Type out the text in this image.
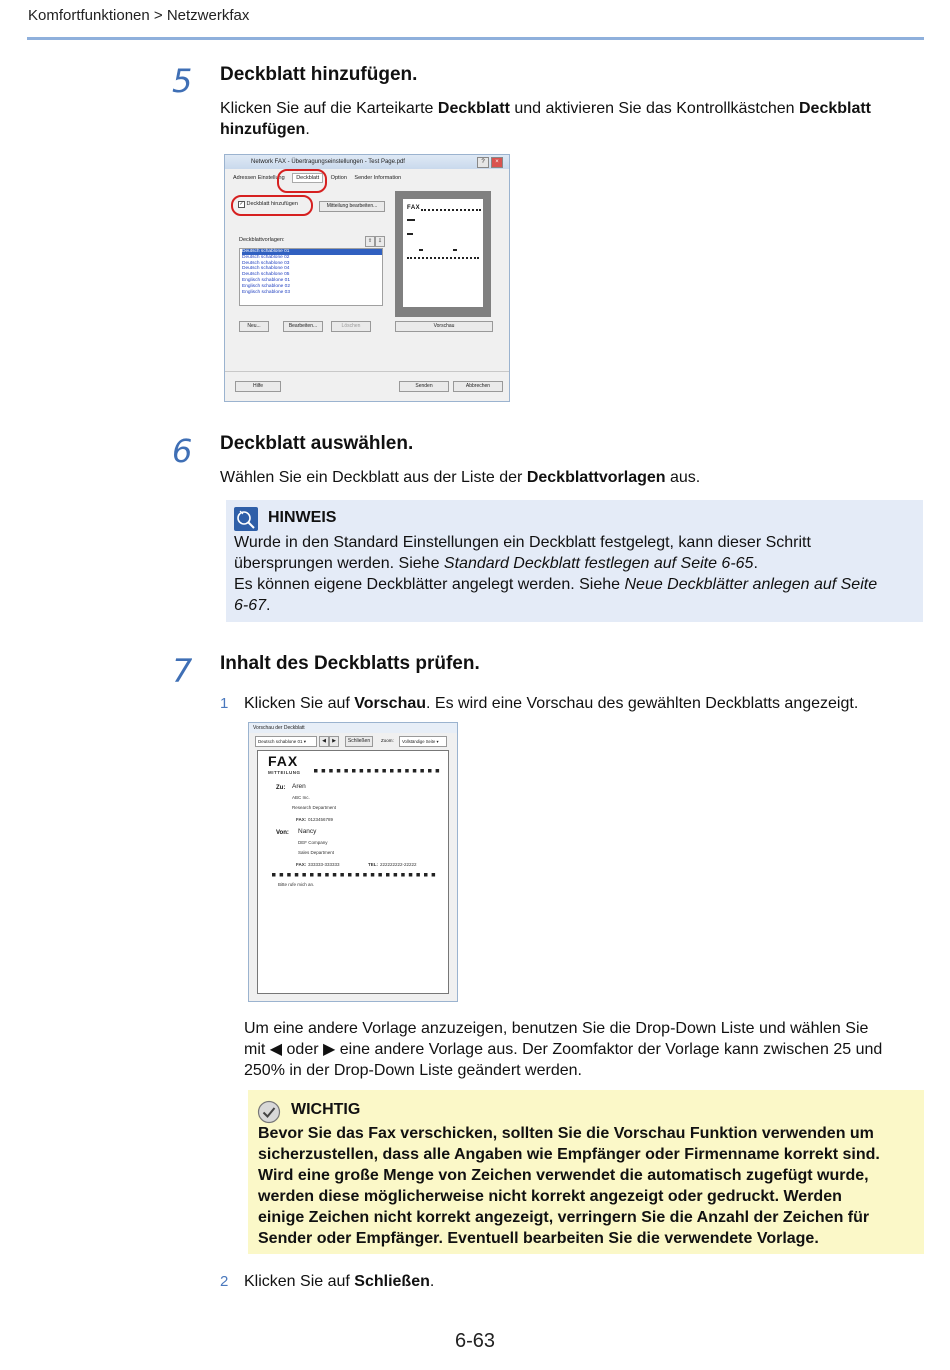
Komfortfunktionen > Netzwerkfax
5 Deckblatt hinzufügen.
Klicken Sie auf die Karteikarte Deckblatt und aktivieren Sie das Kontrollkästchen Deckblatt hinzufügen.
Network FAX - Übertragungseinstellungen - Test Page.pdf	?	×
Adressen Einstellung Deckblatt Option Sender Information
✓ Deckblatt hinzufügen	Mitteilung bearbeiten...
Deckblattvorlagen:	⇧	⇩
Deutsch schablone 01
Deutsch schablone 02
Deutsch schablone 03
Deutsch schablone 04
Deutsch schablone 05
Englisch schablone 01
Englisch schablone 02
Englisch schablone 03
FAX
Neu...	Bearbeiten...	Löschen	Vorschau
Hilfe	Senden	Abbrechen
6 Deckblatt auswählen.
Wählen Sie ein Deckblatt aus der Liste der Deckblattvorlagen aus.
HINWEIS
Wurde in den Standard Einstellungen ein Deckblatt festgelegt, kann dieser Schritt
übersprungen werden. Siehe Standard Deckblatt festlegen auf Seite 6-65.
Es können eigene Deckblätter angelegt werden. Siehe Neue Deckblätter anlegen auf Seite
6-67.
7 Inhalt des Deckblatts prüfen.
1 Klicken Sie auf Vorschau. Es wird eine Vorschau des gewählten Deckblatts angezeigt.
Vorschau der Deckblatt
Deutsch schablone 01 ▾	◀	▶	Schließen	Zoom:	Vollständige Seite ▾
FAX
MITTEILUNG
Zu: Aren
ABC Inc.
Research Department
FAX: 0123456789
Von: Nancy
DEF Company
Sales Department
FAX: 333333-333333	TEL: 222222222-22222
Bitte rufe mich an.
Um eine andere Vorlage anzuzeigen, benutzen Sie die Drop-Down Liste und wählen Sie
mit ◀ oder ▶ eine andere Vorlage aus. Der Zoomfaktor der Vorlage kann zwischen 25 und
250% in der Drop-Down Liste geändert werden.
WICHTIG
Bevor Sie das Fax verschicken, sollten Sie die Vorschau Funktion verwenden um
sicherzustellen, dass alle Angaben wie Empfänger oder Firmenname korrekt sind.
Wird eine große Menge von Zeichen verwendet die automatisch zugefügt wurde,
werden diese möglicherweise nicht korrekt angezeigt oder gedruckt. Werden
einige Zeichen nicht korrekt angezeigt, verringern Sie die Anzahl der Zeichen für
Sender oder Empfänger. Eventuell bearbeiten Sie die verwendete Vorlage.
2 Klicken Sie auf Schließen.
6-63
